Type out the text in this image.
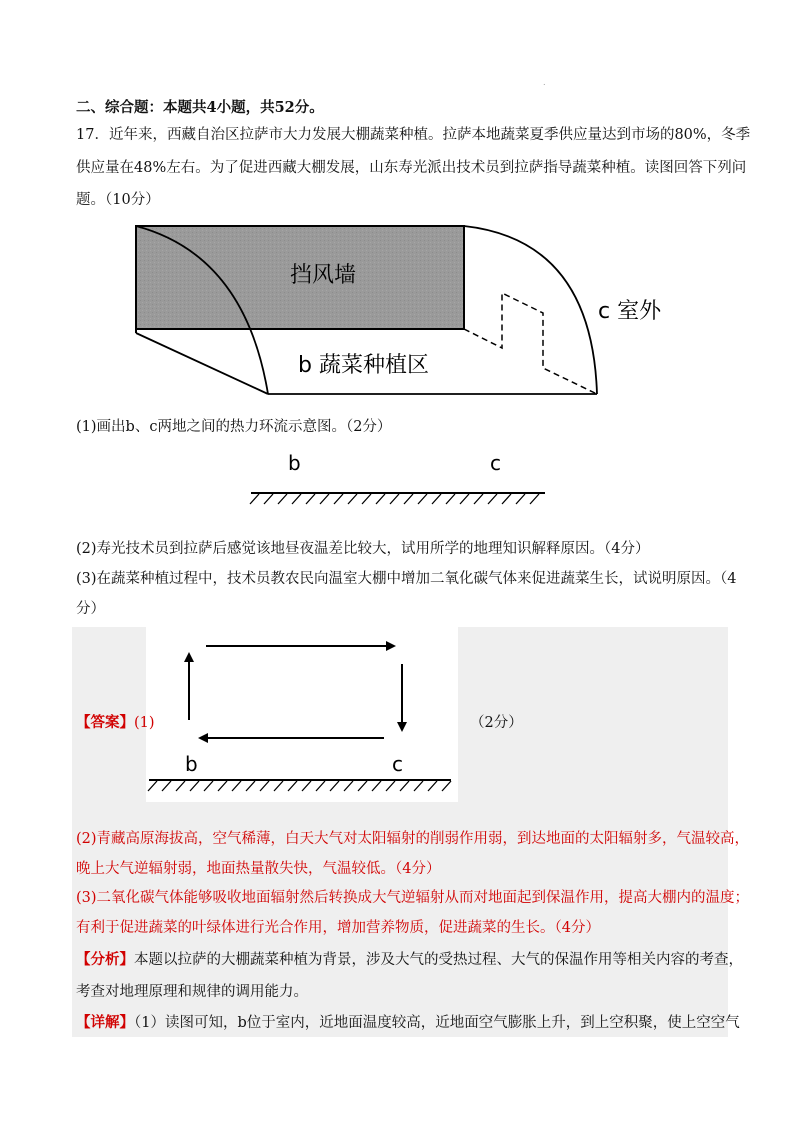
.
二、综合题：本题共4小题，共52分。
17．近年来，西藏自治区拉萨市大力发展大棚蔬菜种植。拉萨本地蔬菜夏季供应量达到市场的80%，冬季
供应量在48%左右。为了促进西藏大棚发展，山东寿光派出技术员到拉萨指导蔬菜种植。读图回答下列问
题。（10分）
挡风墙
b 蔬菜种植区
c 室外
(1)画出b、c两地之间的热力环流示意图。（2分）
b	c
(2)寿光技术员到拉萨后感觉该地昼夜温差比较大，试用所学的地理知识解释原因。（4分）
(3)在蔬菜种植过程中，技术员教农民向温室大棚中增加二氧化碳气体来促进蔬菜生长，试说明原因。（4
分）
b	c
【答案】(1)	（2分）
(2)青藏高原海拔高，空气稀薄，白天大气对太阳辐射的削弱作用弱，到达地面的太阳辐射多，气温较高，
晚上大气逆辐射弱，地面热量散失快，气温较低。（4分）
(3)二氧化碳气体能够吸收地面辐射然后转换成大气逆辐射从而对地面起到保温作用，提高大棚内的温度；
有利于促进蔬菜的叶绿体进行光合作用，增加营养物质，促进蔬菜的生长。（4分）
【分析】本题以拉萨的大棚蔬菜种植为背景，涉及大气的受热过程、大气的保温作用等相关内容的考查，
考查对地理原理和规律的调用能力。
【详解】（1）读图可知，b位于室内，近地面温度较高，近地面空气膨胀上升，到上空积聚，使上空空气
